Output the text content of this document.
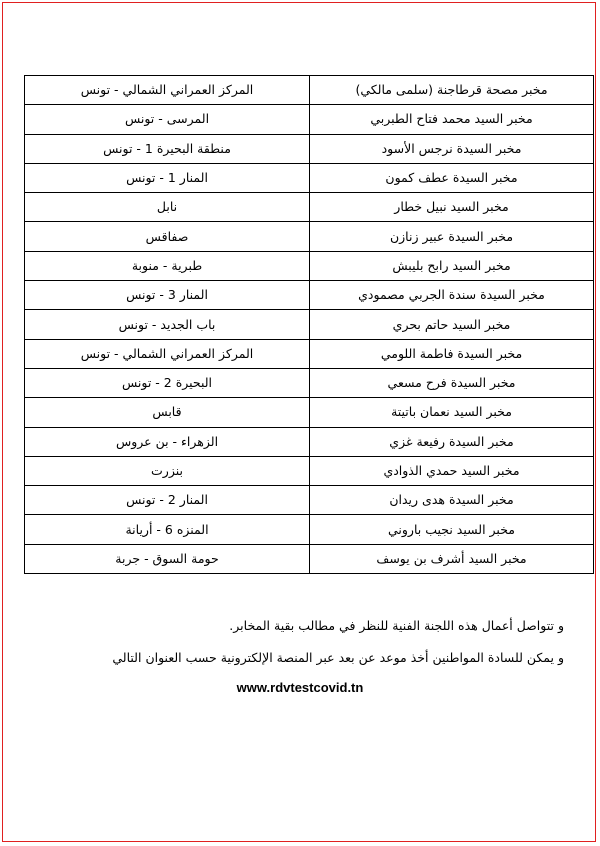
مخبر مصحة قرطاجنة (سلمى مالكي)	المركز العمراني الشمالي - تونس
مخبر السيد محمد فتاح الطبربي	المرسى - تونس
مخبر السيدة نرجس الأسود	منطقة البحيرة 1 - تونس
مخبر السيدة عطف كمون	المنار 1 - تونس
مخبر السيد نبيل خطار	نابل
مخبر السيدة عبير زنازن	صفاقس
مخبر السيد رابح بليبش	طبرية - منوبة
مخبر السيدة سندة الجربي مصمودي	المنار 3 - تونس
مخبر السيد حاتم بحري	باب الجديد - تونس
مخبر السيدة فاطمة اللومي	المركز العمراني الشمالي - تونس
مخبر السيدة فرح مسعي	البحيرة 2 - تونس
مخبر السيد نعمان باتيتة	قابس
مخبر السيدة رفيعة غزي	الزهراء - بن عروس
مخبر السيد حمدي الذوادي	بنزرت
مخبر السيدة هدى ريدان	المنار 2 - تونس
مخبر السيد نجيب باروني	المنزه 6 - أريانة
مخبر السيد أشرف بن يوسف	حومة السوق - جربة
و تتواصل أعمال هذه اللجنة الفنية للنظر في مطالب بقية المخابر.
و يمكن للسادة المواطنين أخذ موعد عن بعد عبر المنصة الإلكترونية حسب العنوان التالي
www.rdvtestcovid.tn
